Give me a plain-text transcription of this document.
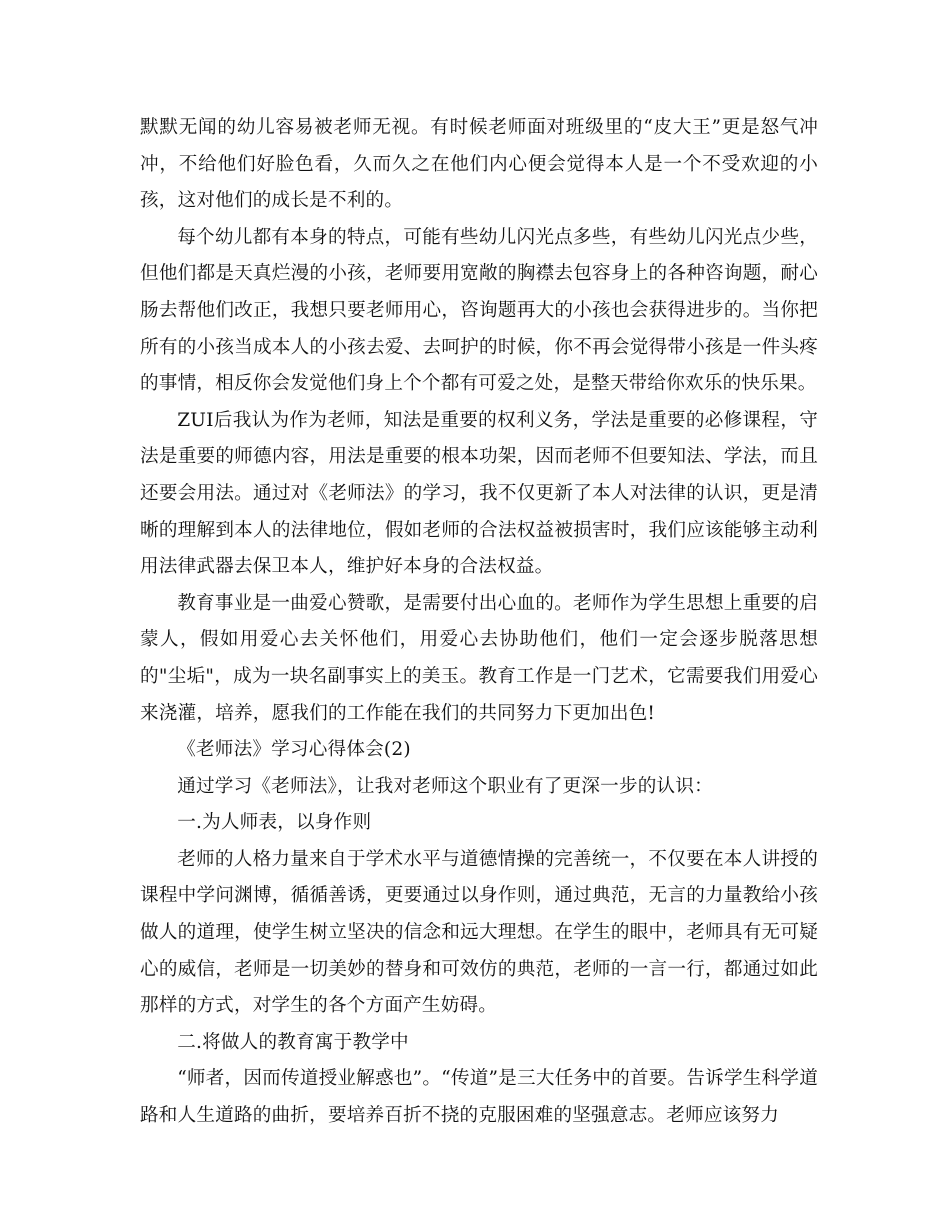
默默无闻的幼儿容易被老师无视。有时候老师面对班级里的“皮大王”更是怒气冲冲，不给他们好脸色看，久而久之在他们内心便会觉得本人是一个不受欢迎的小孩，这对他们的成长是不利的。

每个幼儿都有本身的特点，可能有些幼儿闪光点多些，有些幼儿闪光点少些，但他们都是天真烂漫的小孩，老师要用宽敞的胸襟去包容身上的各种咨询题，耐心肠去帮他们改正，我想只要老师用心，咨询题再大的小孩也会获得进步的。当你把所有的小孩当成本人的小孩去爱、去呵护的时候，你不再会觉得带小孩是一件头疼的事情，相反你会发觉他们身上个个都有可爱之处，是整天带给你欢乐的快乐果。

ZUI后我认为作为老师，知法是重要的权利义务，学法是重要的必修课程，守法是重要的师德内容，用法是重要的根本功架，因而老师不但要知法、学法，而且还要会用法。通过对《老师法》的学习，我不仅更新了本人对法律的认识，更是清晰的理解到本人的法律地位，假如老师的合法权益被损害时，我们应该能够主动利用法律武器去保卫本人，维护好本身的合法权益。

教育事业是一曲爱心赞歌，是需要付出心血的。老师作为学生思想上重要的启蒙人，假如用爱心去关怀他们，用爱心去协助他们，他们一定会逐步脱落思想的"尘垢"，成为一块名副事实上的美玉。教育工作是一门艺术，它需要我们用爱心来浇灌，培养，愿我们的工作能在我们的共同努力下更加出色!

《老师法》学习心得体会(2)

通过学习《老师法》，让我对老师这个职业有了更深一步的认识：

一.为人师表，以身作则

老师的人格力量来自于学术水平与道德情操的完善统一，不仅要在本人讲授的课程中学问渊博，循循善诱，更要通过以身作则，通过典范，无言的力量教给小孩做人的道理，使学生树立坚决的信念和远大理想。在学生的眼中，老师具有无可疑心的威信，老师是一切美妙的替身和可效仿的典范，老师的一言一行，都通过如此那样的方式，对学生的各个方面产生妨碍。

二.将做人的教育寓于教学中

“师者，因而传道授业解惑也”。“传道”是三大任务中的首要。告诉学生科学道路和人生道路的曲折，要培养百折不挠的克服困难的坚强意志。老师应该努力
